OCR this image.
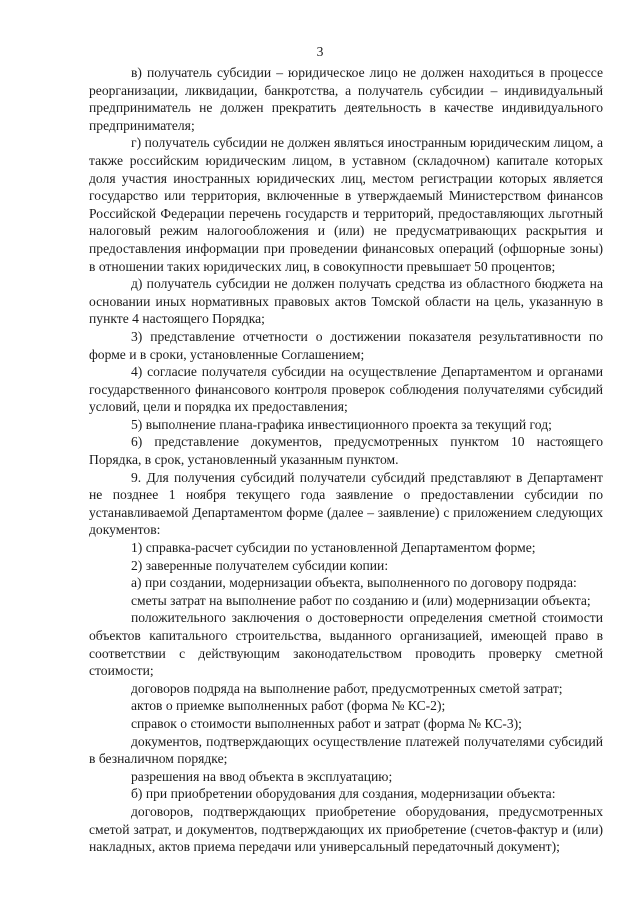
3

в) получатель субсидии – юридическое лицо не должен находиться в процессе реорганизации, ликвидации, банкротства, а получатель субсидии – индивидуальный предприниматель не должен прекратить деятельность в качестве индивидуального предпринимателя;

г) получатель субсидии не должен являться иностранным юридическим лицом, а также российским юридическим лицом, в уставном (складочном) капитале которых доля участия иностранных юридических лиц, местом регистрации которых является государство или территория, включенные в утверждаемый Министерством финансов Российской Федерации перечень государств и территорий, предоставляющих льготный налоговый режим налогообложения и (или) не предусматривающих раскрытия и предоставления информации при проведении финансовых операций (офшорные зоны) в отношении таких юридических лиц, в совокупности превышает 50 процентов;

д) получатель субсидии не должен получать средства из областного бюджета на основании иных нормативных правовых актов Томской области на цель, указанную в пункте 4 настоящего Порядка;

3) представление отчетности о достижении показателя результативности по форме и в сроки, установленные Соглашением;

4) согласие получателя субсидии на осуществление Департаментом и органами государственного финансового контроля проверок соблюдения получателями субсидий условий, цели и порядка их предоставления;

5) выполнение плана-графика инвестиционного проекта за текущий год;

6) представление документов, предусмотренных пунктом 10 настоящего Порядка, в срок, установленный указанным пунктом.

9. Для получения субсидий получатели субсидий представляют в Департамент не позднее 1 ноября текущего года заявление о предоставлении субсидии по устанавливаемой Департаментом форме (далее – заявление) с приложением следующих документов:

1) справка-расчет субсидии по установленной Департаментом форме;

2) заверенные получателем субсидии копии:

а) при создании, модернизации объекта, выполненного по договору подряда:

сметы затрат на выполнение работ по созданию и (или) модернизации объекта;

положительного заключения о достоверности определения сметной стоимости объектов капитального строительства, выданного организацией, имеющей право в соответствии с действующим законодательством проводить проверку сметной стоимости;

договоров подряда на выполнение работ, предусмотренных сметой затрат;

актов о приемке выполненных работ (форма № КС-2);

справок о стоимости выполненных работ и затрат (форма № КС-3);

документов, подтверждающих осуществление платежей получателями субсидий в безналичном порядке;

разрешения на ввод объекта в эксплуатацию;

б) при приобретении оборудования для создания, модернизации объекта:

договоров, подтверждающих приобретение оборудования, предусмотренных сметой затрат, и документов, подтверждающих их приобретение (счетов-фактур и (или) накладных, актов приема передачи или универсальный передаточный документ);
